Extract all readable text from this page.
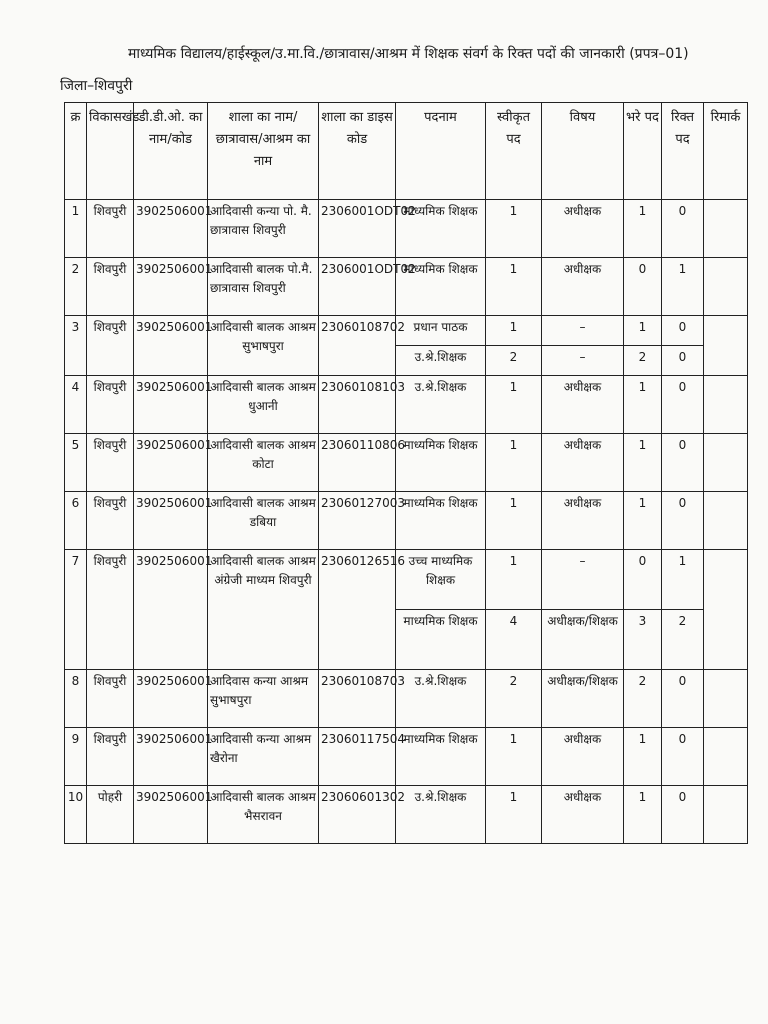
माध्यमिक विद्यालय/हाईस्कूल/उ.मा.वि./छात्रावास/आश्रम में शिक्षक संवर्ग के रिक्त पदों की जानकारी (प्रपत्र–01)
जिला–शिवपुरी
क्र	विकासखंड	डी.डी.ओ. का नाम/कोड	शाला का नाम/छात्रावास/आश्रम का नाम	शाला का डाइस कोड	पदनाम	स्वीकृत पद	विषय	भरे पद	रिक्त पद	रिमार्क
1	शिवपुरी	3902506001	आदिवासी कन्या पो. मै. छात्रावास शिवपुरी	2306001ODT02	माध्यमिक शिक्षक	1	अधीक्षक	1	0	
2	शिवपुरी	3902506001	आदिवासी बालक पो.मै. छात्रावास शिवपुरी	2306001ODT02	माध्यमिक शिक्षक	1	अधीक्षक	0	1	
3	शिवपुरी	3902506001	आदिवासी बालक आश्रम सुभाषपुरा	23060108702	प्रधान पाठक	1	–	1	0	
					उ.श्रे.शिक्षक	2	–	2	0	
4	शिवपुरी	3902506001	आदिवासी बालक आश्रम धुआनी	23060108103	उ.श्रे.शिक्षक	1	अधीक्षक	1	0	
5	शिवपुरी	3902506001	आदिवासी बालक आश्रम कोटा	23060110806	माध्यमिक शिक्षक	1	अधीक्षक	1	0	
6	शिवपुरी	3902506001	आदिवासी बालक आश्रम डबिया	23060127003	माध्यमिक शिक्षक	1	अधीक्षक	1	0	
7	शिवपुरी	3902506001	आदिवासी बालक आश्रम अंग्रेजी माध्यम शिवपुरी	23060126516	उच्च माध्यमिक शिक्षक	1	–	0	1	
					माध्यमिक शिक्षक	4	अधीक्षक/शिक्षक	3	2	
8	शिवपुरी	3902506001	आदिवास कन्या आश्रम सुभाषपुरा	23060108703	उ.श्रे.शिक्षक	2	अधीक्षक/शिक्षक	2	0	
9	शिवपुरी	3902506001	आदिवासी कन्या आश्रम खैरोना	23060117504	माध्यमिक शिक्षक	1	अधीक्षक	1	0	
10	पोहरी	3902506001	आदिवासी बालक आश्रम भैसरावन	23060601302	उ.श्रे.शिक्षक	1	अधीक्षक	1	0	
